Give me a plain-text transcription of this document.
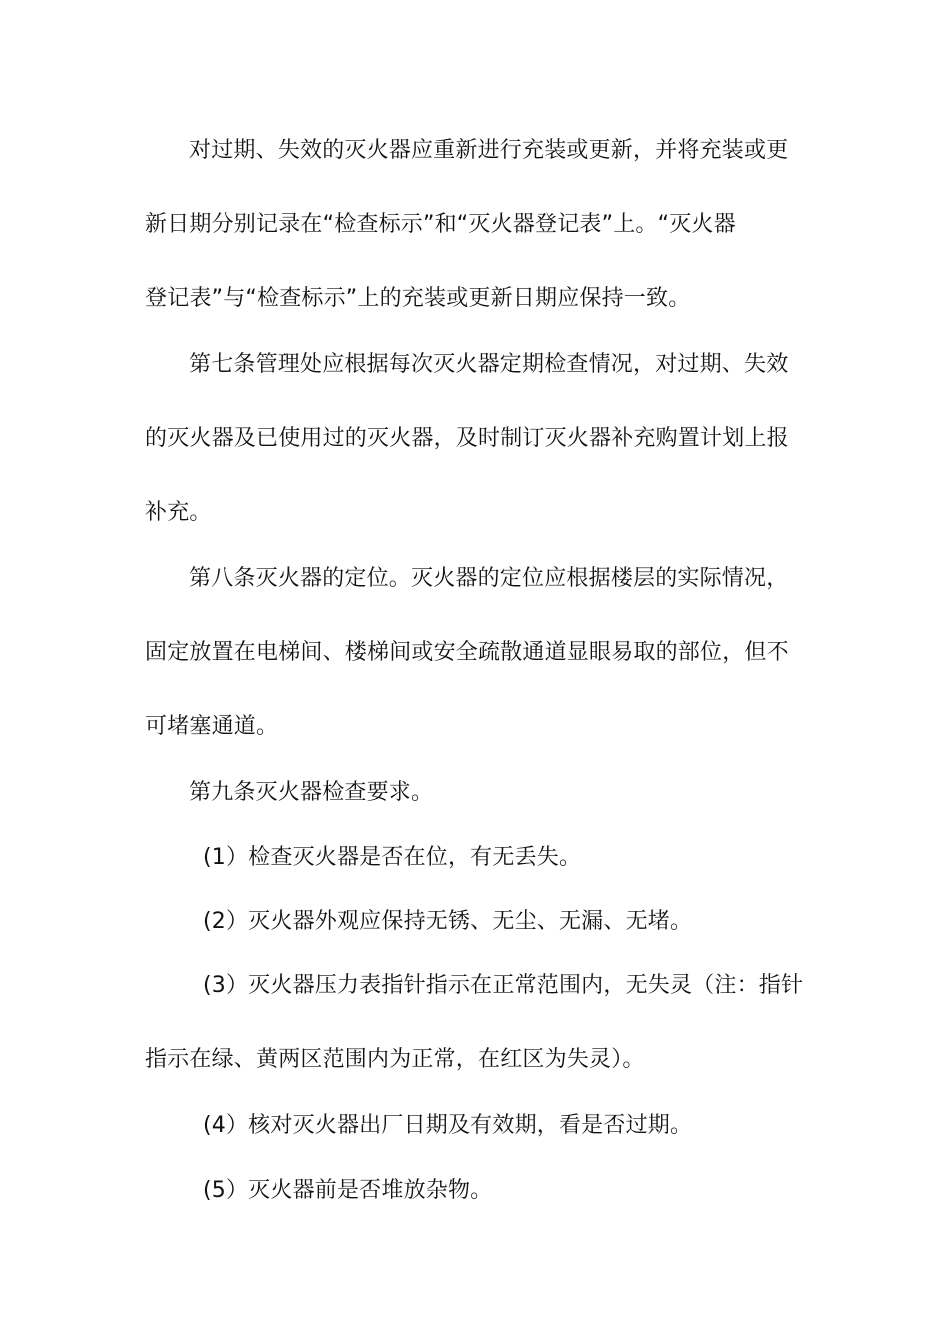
对过期、失效的灭火器应重新进行充装或更新，并将充装或更
新日期分别记录在“检查标示”和“灭火器登记表”上。“灭火器
登记表”与“检查标示”上的充装或更新日期应保持一致。
第七条管理处应根据每次灭火器定期检查情况，对过期、失效
的灭火器及已使用过的灭火器，及时制订灭火器补充购置计划上报
补充。
第八条灭火器的定位。灭火器的定位应根据楼层的实际情况，
固定放置在电梯间、楼梯间或安全疏散通道显眼易取的部位，但不
可堵塞通道。
第九条灭火器检查要求。
(1）检查灭火器是否在位，有无丢失。
(2）灭火器外观应保持无锈、无尘、无漏、无堵。
(3）灭火器压力表指针指示在正常范围内，无失灵（注：指针
指示在绿、黄两区范围内为正常，在红区为失灵）。
(4）核对灭火器出厂日期及有效期，看是否过期。
(5）灭火器前是否堆放杂物。
